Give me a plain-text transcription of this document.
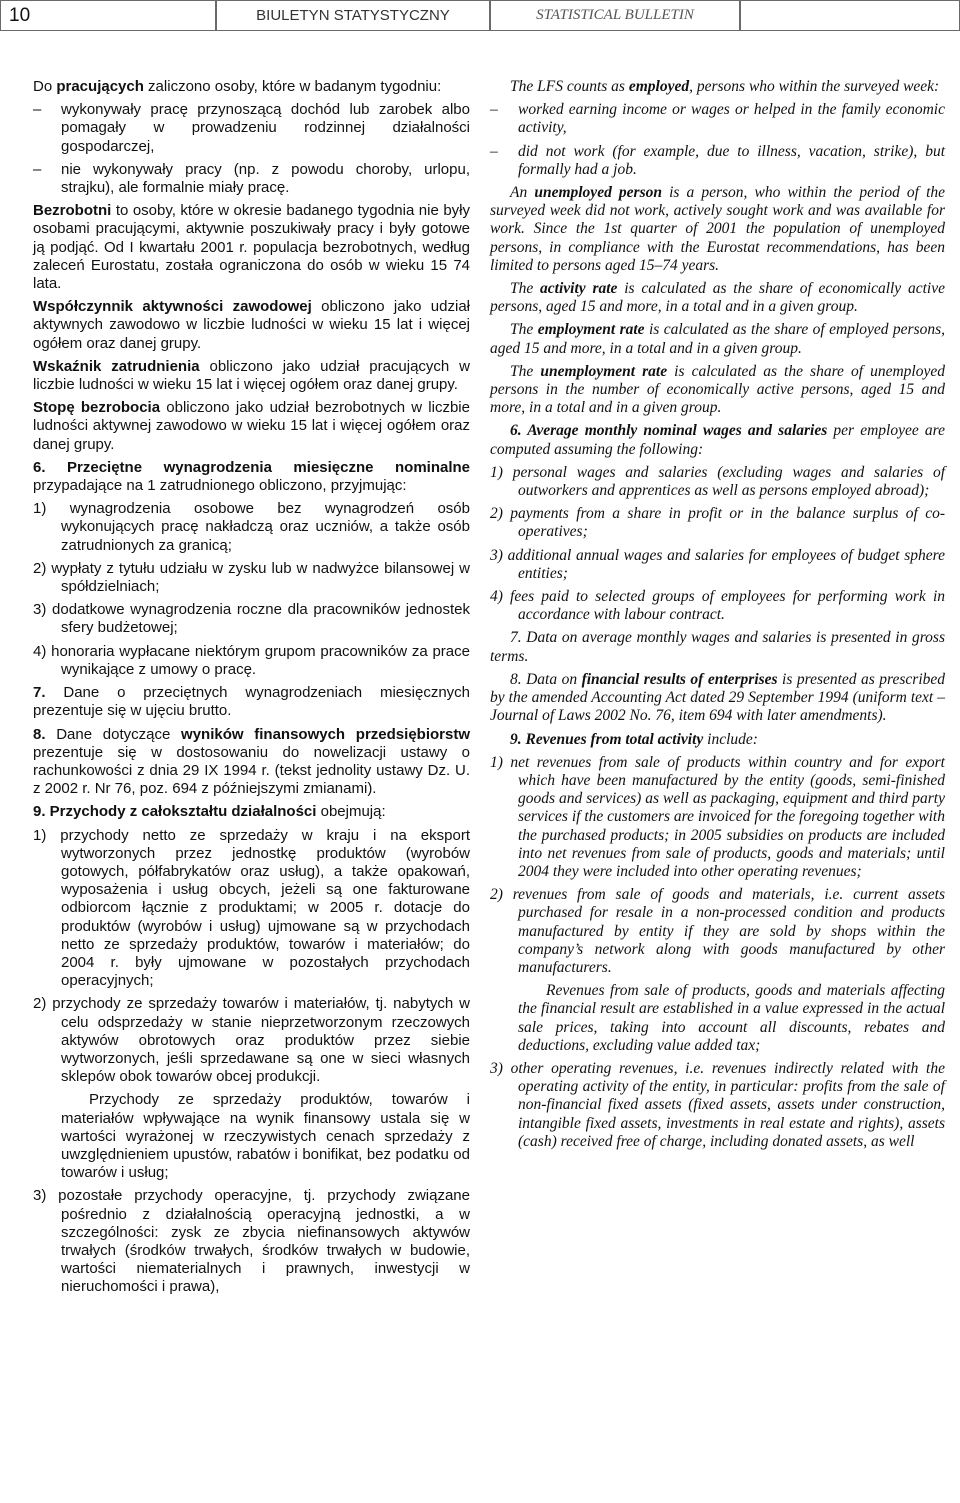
10	BIULETYN STATYSTYCZNY	STATISTICAL BULLETIN

Do pracujących zaliczono osoby, które w badanym tygodniu:

– wykonywały pracę przynoszącą dochód lub zarobek albo pomagały w prowadzeniu rodzinnej działalności gospodarczej,

– nie wykonywały pracy (np. z powodu choroby, urlopu, strajku), ale formalnie miały pracę.

Bezrobotni to osoby, które w okresie badanego tygodnia nie były osobami pracującymi, aktywnie poszukiwały pracy i były gotowe ją podjąć. Od I kwartału 2001 r. populacja bezrobotnych, według zaleceń Eurostatu, została ograniczona do osób w wieku 15 74 lata.

Współczynnik aktywności zawodowej obliczono jako udział aktywnych zawodowo w liczbie ludności w wieku 15 lat i więcej ogółem oraz danej grupy.

Wskaźnik zatrudnienia obliczono jako udział pracujących w liczbie ludności w wieku 15 lat i więcej ogółem oraz danej grupy.

Stopę bezrobocia obliczono jako udział bezrobotnych w liczbie ludności aktywnej zawodowo w wieku 15 lat i więcej ogółem oraz danej grupy.

6. Przeciętne wynagrodzenia miesięczne nominalne przypadające na 1 zatrudnionego obliczono, przyjmując:

1) wynagrodzenia osobowe bez wynagrodzeń osób wykonujących pracę nakładczą oraz uczniów, a także osób zatrudnionych za granicą;

2) wypłaty z tytułu udziału w zysku lub w nadwyżce bilansowej w spółdzielniach;

3) dodatkowe wynagrodzenia roczne dla pracowników jednostek sfery budżetowej;

4) honoraria wypłacane niektórym grupom pracowników za prace wynikające z umowy o pracę.

7. Dane o przeciętnych wynagrodzeniach miesięcznych prezentuje się w ujęciu brutto.

8. Dane dotyczące wyników finansowych przedsiębiorstw prezentuje się w dostosowaniu do nowelizacji ustawy o rachunkowości z dnia 29 IX 1994 r. (tekst jednolity ustawy Dz. U. z 2002 r. Nr 76, poz. 694 z późniejszymi zmianami).

9. Przychody z całokształtu działalności obejmują:

1) przychody netto ze sprzedaży w kraju i na eksport wytworzonych przez jednostkę produktów (wyrobów gotowych, półfabrykatów oraz usług), a także opakowań, wyposażenia i usług obcych, jeżeli są one fakturowane odbiorcom łącznie z produktami; w 2005 r. dotacje do produktów (wyrobów i usług) ujmowane są w przychodach netto ze sprzedaży produktów, towarów i materiałów; do 2004 r. były ujmowane w pozostałych przychodach operacyjnych;

2) przychody ze sprzedaży towarów i materiałów, tj. nabytych w celu odsprzedaży w stanie nieprzetworzonym rzeczowych aktywów obrotowych oraz produktów przez siebie wytworzonych, jeśli sprzedawane są one w sieci własnych sklepów obok towarów obcej produkcji.

Przychody ze sprzedaży produktów, towarów i materiałów wpływające na wynik finansowy ustala się w wartości wyrażonej w rzeczywistych cenach sprzedaży z uwzględnieniem upustów, rabatów i bonifikat, bez podatku od towarów i usług;

3) pozostałe przychody operacyjne, tj. przychody związane pośrednio z działalnością operacyjną jednostki, a w szczególności: zysk ze zbycia niefinansowych aktywów trwałych (środków trwałych, środków trwałych w budowie, wartości niematerialnych i prawnych, inwestycji w nieruchomości i prawa),

The LFS counts as employed, persons who within the surveyed week:

– worked earning income or wages or helped in the family economic activity,

– did not work (for example, due to illness, vacation, strike), but formally had a job.

An unemployed person is a person, who within the period of the surveyed week did not work, actively sought work and was available for work. Since the 1st quarter of 2001 the population of unemployed persons, in compliance with the Eurostat recommendations, has been limited to persons aged 15–74 years.

The activity rate is calculated as the share of economically active persons, aged 15 and more, in a total and in a given group.

The employment rate is calculated as the share of employed persons, aged 15 and more, in a total and in a given group.

The unemployment rate is calculated as the share of unemployed persons in the number of economically active persons, aged 15 and more, in a total and in a given group.

6. Average monthly nominal wages and salaries per employee are computed assuming the following:

1) personal wages and salaries (excluding wages and salaries of outworkers and apprentices as well as persons employed abroad);

2) payments from a share in profit or in the balance surplus of co-operatives;

3) additional annual wages and salaries for employees of budget sphere entities;

4) fees paid to selected groups of employees for performing work in accordance with labour contract.

7. Data on average monthly wages and salaries is presented in gross terms.

8. Data on financial results of enterprises is presented as prescribed by the amended Accounting Act dated 29 September 1994 (uniform text – Journal of Laws 2002 No. 76, item 694 with later amendments).

9. Revenues from total activity include:

1) net revenues from sale of products within country and for export which have been manufactured by the entity (goods, semi-finished goods and services) as well as packaging, equipment and third party services if the customers are invoiced for the foregoing together with the purchased products; in 2005 subsidies on products are included into net revenues from sale of products, goods and materials; until 2004 they were included into other operating revenues;

2) revenues from sale of goods and materials, i.e. current assets purchased for resale in a non-processed condition and products manufactured by entity if they are sold by shops within the company’s network along with goods manufactured by other manufacturers.

Revenues from sale of products, goods and materials affecting the financial result are established in a value expressed in the actual sale prices, taking into account all discounts, rebates and deductions, excluding value added tax;

3) other operating revenues, i.e. revenues indirectly related with the operating activity of the entity, in particular: profits from the sale of non-financial fixed assets (fixed assets, assets under construction, intangible fixed assets, investments in real estate and rights), assets (cash) received free of charge, including donated assets, as well
